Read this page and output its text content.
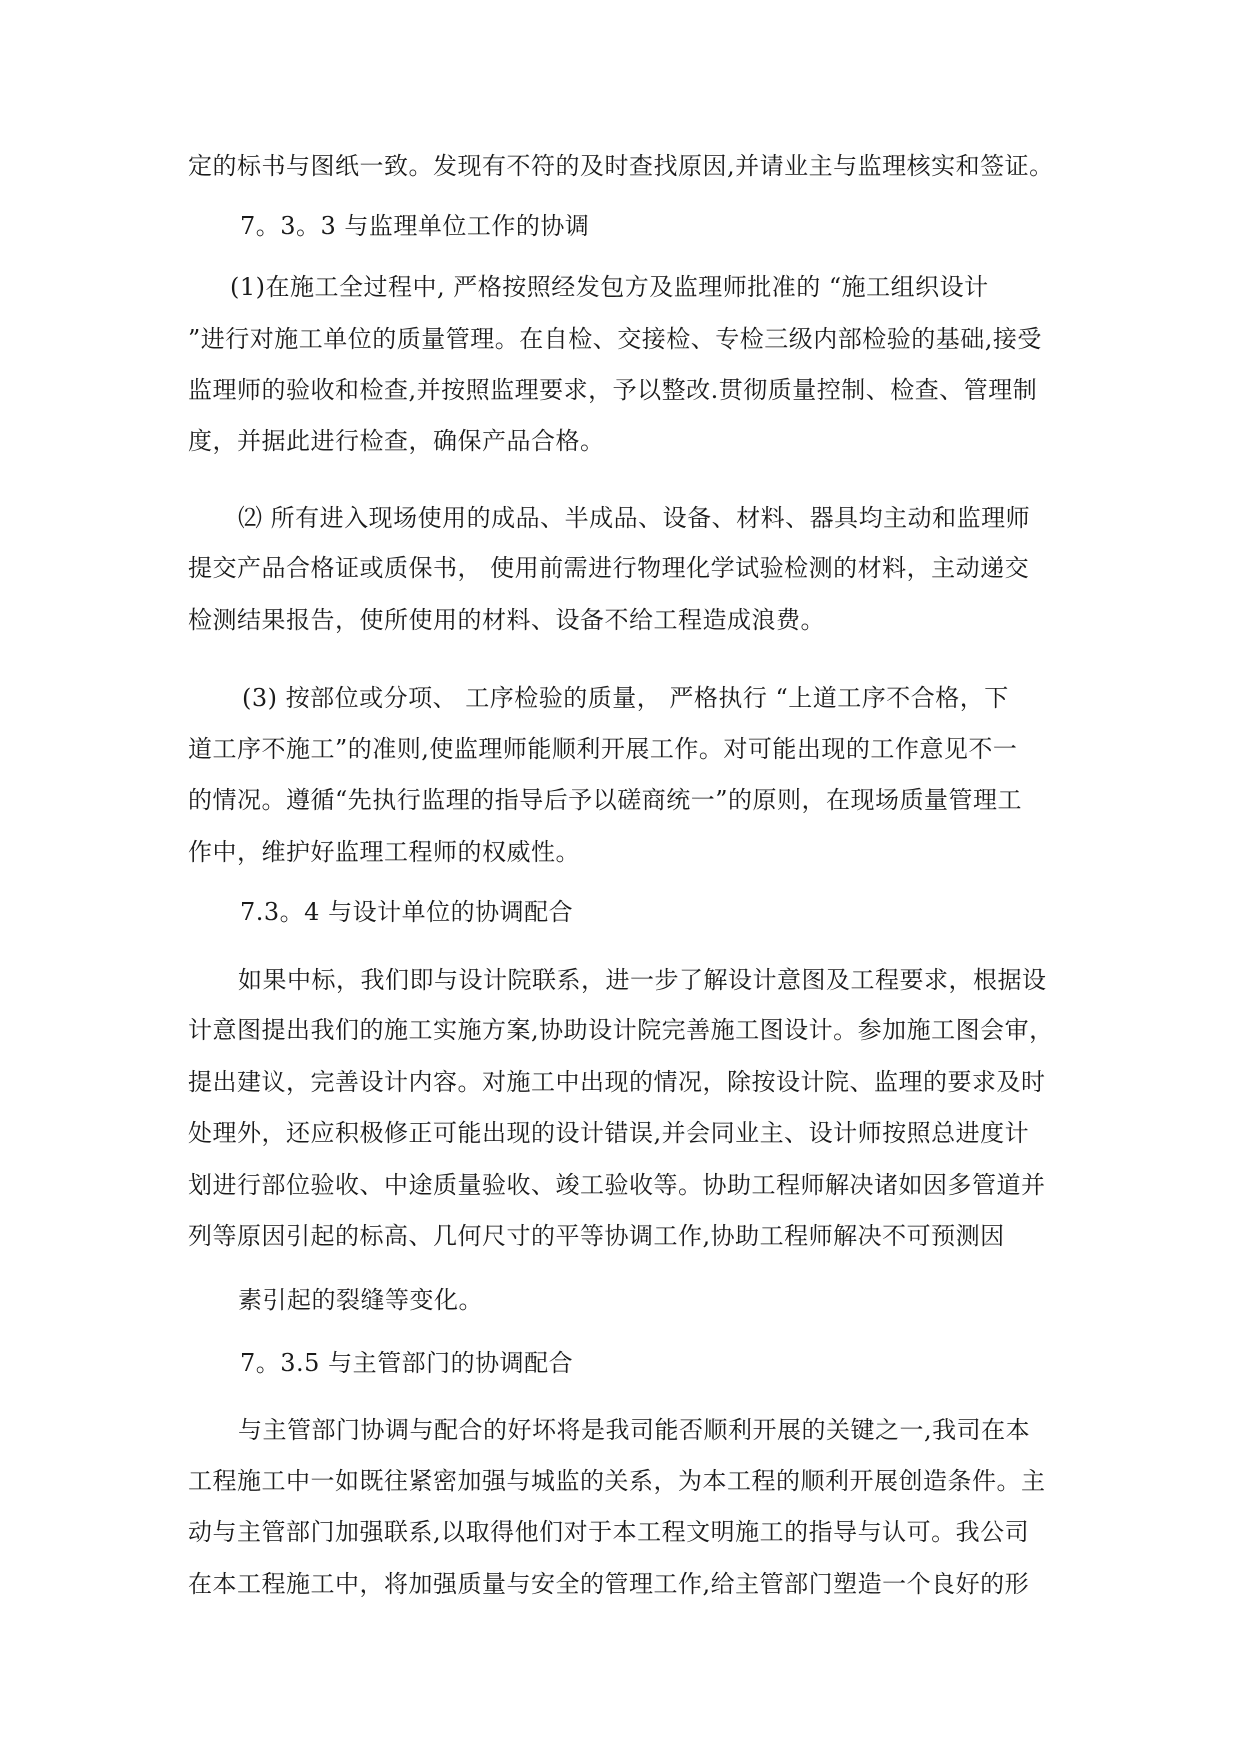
定的标书与图纸一致。发现有不符的及时查找原因,并请业主与监理核实和签证。
7。3。3 与监理单位工作的协调
(1)在施工全过程中, 严格按照经发包方及监理师批准的 “施工组织设计
”进行对施工单位的质量管理。在自检、交接检、专检三级内部检验的基础,接受
监理师的验收和检查,并按照监理要求，予以整改.贯彻质量控制、检查、管理制
度，并据此进行检查，确保产品合格。
⑵ 所有进入现场使用的成品、半成品、设备、材料、器具均主动和监理师
提交产品合格证或质保书， 使用前需进行物理化学试验检测的材料，主动递交
检测结果报告，使所使用的材料、设备不给工程造成浪费。
(3) 按部位或分项、 工序检验的质量， 严格执行 “上道工序不合格，下
道工序不施工”的准则,使监理师能顺利开展工作。对可能出现的工作意见不一
的情况。遵循“先执行监理的指导后予以磋商统一”的原则，在现场质量管理工
作中，维护好监理工程师的权威性。
7.3。4 与设计单位的协调配合
如果中标，我们即与设计院联系，进一步了解设计意图及工程要求，根据设
计意图提出我们的施工实施方案,协助设计院完善施工图设计。参加施工图会审，
提出建议，完善设计内容。对施工中出现的情况，除按设计院、监理的要求及时
处理外，还应积极修正可能出现的设计错误,并会同业主、设计师按照总进度计
划进行部位验收、中途质量验收、竣工验收等。协助工程师解决诸如因多管道并
列等原因引起的标高、几何尺寸的平等协调工作,协助工程师解决不可预测因
素引起的裂缝等变化。
7。3.5 与主管部门的协调配合
与主管部门协调与配合的好坏将是我司能否顺利开展的关键之一,我司在本
工程施工中一如既往紧密加强与城监的关系，为本工程的顺利开展创造条件。主
动与主管部门加强联系,以取得他们对于本工程文明施工的指导与认可。我公司
在本工程施工中，将加强质量与安全的管理工作,给主管部门塑造一个良好的形
